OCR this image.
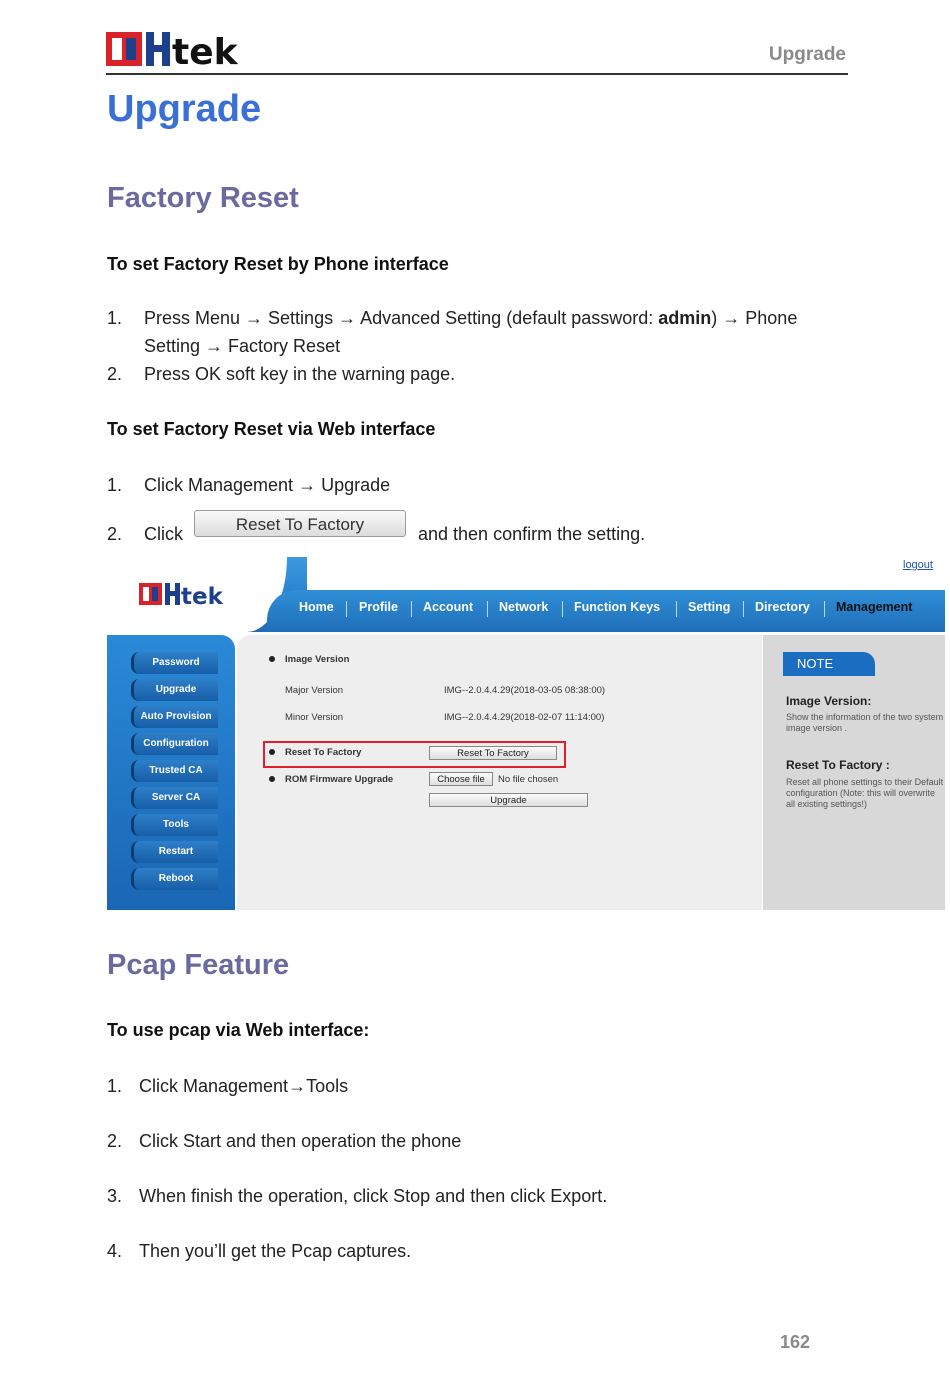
tek	Upgrade
Upgrade
Factory Reset
To set Factory Reset by Phone interface
1. Press Menu → Settings → Advanced Setting (default password: admin) → Phone
Setting → Factory Reset
2. Press OK soft key in the warning page.
To set Factory Reset via Web interface
1. Click Management → Upgrade
2. Click	Reset To Factory	and then confirm the setting.
tek
logout
Home Profile Account Network Function Keys Setting Directory Management
Password
Upgrade
Auto Provision
Configuration
Trusted CA
Server CA
Tools
Restart
Reboot
Image Version
Major Version	IMG--2.0.4.4.29(2018-03-05 08:38:00)
Minor Version	IMG--2.0.4.4.29(2018-02-07 11:14:00)
Reset To Factory	Reset To Factory
ROM Firmware Upgrade	Choose file	No file chosen
Upgrade
NOTE
Image Version:
Show the information of the two system image version .
Reset To Factory :
Reset all phone settings to their Default configuration (Note: this will overwrite all existing settings!)
Pcap Feature
To use pcap via Web interface:
1. Click Management→Tools
2. Click Start and then operation the phone
3. When finish the operation, click Stop and then click Export.
4. Then you’ll get the Pcap captures.
162
